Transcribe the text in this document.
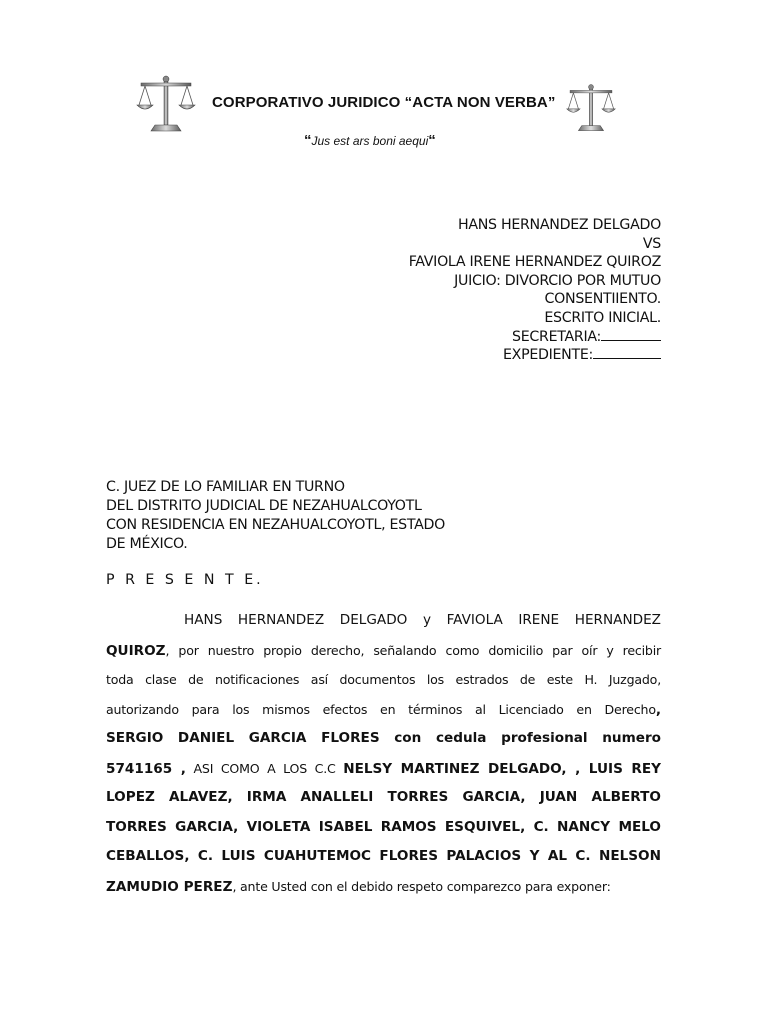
CORPORATIVO JURIDICO “ACTA NON VERBA”
“Jus est ars boni aequi“
HANS HERNANDEZ DELGADO
VS
FAVIOLA IRENE HERNANDEZ QUIROZ
JUICIO: DIVORCIO POR MUTUO
CONSENTIIENTO.
ESCRITO INICIAL.
SECRETARIA:
EXPEDIENTE:
C. JUEZ DE LO FAMILIAR EN TURNO
DEL DISTRITO JUDICIAL DE NEZAHUALCOYOTL
CON RESIDENCIA EN NEZAHUALCOYOTL, ESTADO
DE MÉXICO.
P R E S E N T E.
HANS HERNANDEZ DELGADO y FAVIOLA IRENE HERNANDEZ
QUIROZ, por nuestro propio derecho, señalando como domicilio par oír y recibir
toda clase de notificaciones así documentos los estrados de este H. Juzgado,
autorizando para los mismos efectos en términos al Licenciado en Derecho,
SERGIO DANIEL GARCIA FLORES con cedula profesional numero
5741165 , ASI COMO A LOS C.C NELSY MARTINEZ DELGADO, , LUIS REY
LOPEZ ALAVEZ, IRMA ANALLELI TORRES GARCIA, JUAN ALBERTO
TORRES GARCIA, VIOLETA ISABEL RAMOS ESQUIVEL, C. NANCY MELO
CEBALLOS, C. LUIS CUAHUTEMOC FLORES PALACIOS Y AL C. NELSON
ZAMUDIO PEREZ, ante Usted con el debido respeto comparezco para exponer:
